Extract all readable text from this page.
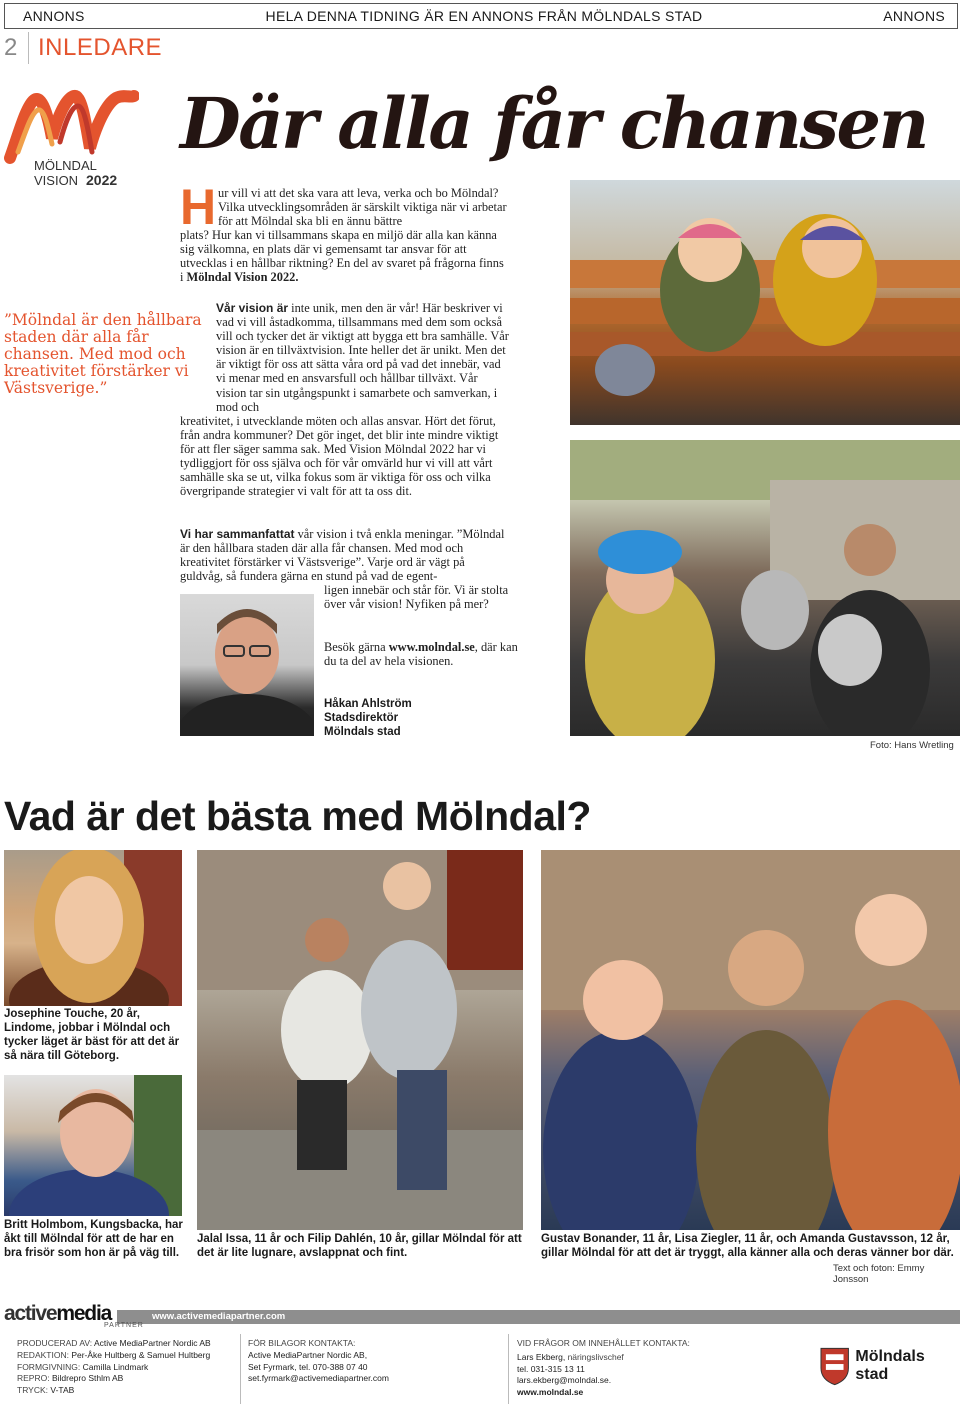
ANNONS	HELA DENNA TIDNING ÄR EN ANNONS FRÅN MÖLNDALS STAD	ANNONS
2 INLEDARE
MÖLNDAL
VISION 2022
Där alla får chansen
H ur vill vi att det ska vara att leva, verka och bo Mölndal? Vilka utvecklingsområden är särskilt viktiga när vi arbetar för att Mölndal ska bli en ännu bättre
plats? Hur kan vi tillsammans skapa en miljö där alla kan känna sig välkomna, en plats där vi gemensamt tar ansvar för att utvecklas i en hållbar riktning? En del av svaret på frågorna finns i Mölndal Vision 2022.
”Mölndal är den hållbara staden där alla får chansen. Med mod och kreativitet förstärker vi Västsverige.”
Vår vision är inte unik, men den är vår! Här beskriver vi vad vi vill åstadkomma, tillsammans med dem som också vill och tycker det är viktigt att bygga ett bra samhälle. Vår vision är en tillväxtvision. Inte heller det är unikt. Men det är viktigt för oss att sätta våra ord på vad det innebär, vad vi menar med en ansvarsfull och hållbar tillväxt. Vår vision tar sin utgångspunkt i samarbete och samverkan, i mod och
kreativitet, i utvecklande möten och allas ansvar. Hört det förut, från andra kommuner? Det gör inget, det blir inte mindre viktigt för att fler säger samma sak. Med Vision Mölndal 2022 har vi tydliggjort för oss själva och för vår omvärld hur vi vill att vårt samhälle ska se ut, vilka fokus som är viktiga för oss och vilka övergripande strategier vi valt för att ta oss dit.
Vi har sammanfattat vår vision i två enkla meningar. ”Mölndal är den hållbara staden där alla får chansen. Med mod och kreativitet förstärker vi Västsverige”. Varje ord är vägt på guldvåg, så fundera gärna en stund på vad de egent-
ligen innebär och står för. Vi är stolta över vår vision! Nyfiken på mer?
Besök gärna www.molndal.se, där kan du ta del av hela visionen.
Håkan Ahlström
Stadsdirektör
Mölndals stad
Foto: Hans Wretling
Vad är det bästa med Mölndal?
Josephine Touche, 20 år, Lindome, jobbar i Mölndal och tycker läget är bäst för att det är så nära till Göteborg.
Britt Holmbom, Kungsbacka, har åkt till Mölndal för att de har en bra frisör som hon är på väg till.
Jalal Issa, 11 år och Filip Dahlén, 10 år, gillar Mölndal för att det är lite lugnare, avslappnat och fint.
Gustav Bonander, 11 år, Lisa Ziegler, 11 år, och Amanda Gustavsson, 12 år, gillar Mölndal för att det är tryggt, alla känner alla och deras vänner bor där.
Text och foton: Emmy Jonsson
activemedia
PARTNER
www.activemediapartner.com
PRODUCERAD AV: Active MediaPartner Nordic AB
REDAKTION: Per-Åke Hultberg & Samuel Hultberg
FORMGIVNING: Camilla Lindmark
REPRO: Bildrepro Sthlm AB
TRYCK: V-TAB
FÖR BILAGOR KONTAKTA:
Active MediaPartner Nordic AB,
Set Fyrmark, tel. 070-388 07 40
set.fyrmark@activemediapartner.com
VID FRÅGOR OM INNEHÅLLET KONTAKTA:
Lars Ekberg, näringslivschef
tel. 031-315 13 11
lars.ekberg@molndal.se.
www.molndal.se
Mölndals stad
